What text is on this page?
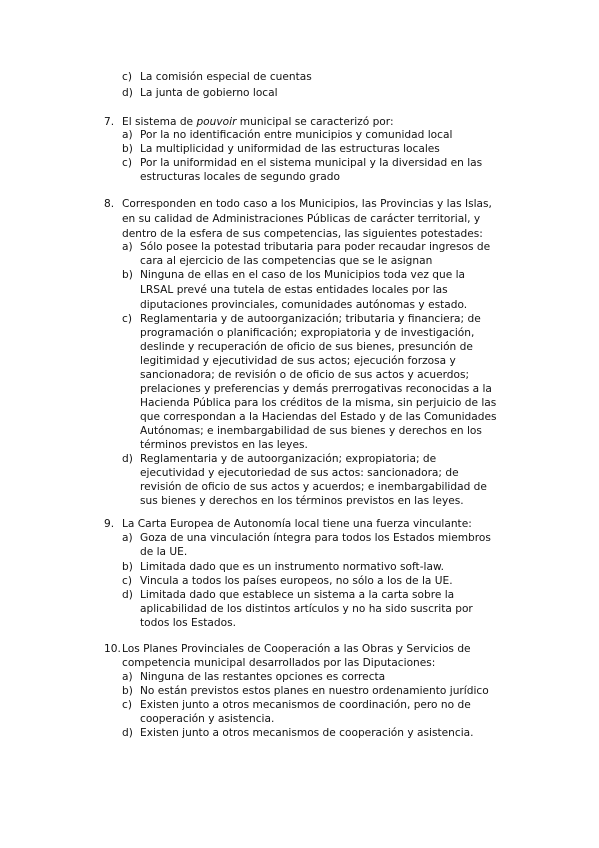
c) La comisión especial de cuentas
d) La junta de gobierno local
7. El sistema de pouvoir municipal se caracterizó por:
a) Por la no identificación entre municipios y comunidad local
b) La multiplicidad y uniformidad de las estructuras locales
c) Por la uniformidad en el sistema municipal y la diversidad en las
estructuras locales de segundo grado
8. Corresponden en todo caso a los Municipios, las Provincias y las Islas,
en su calidad de Administraciones Públicas de carácter territorial, y
dentro de la esfera de sus competencias, las siguientes potestades:
a) Sólo posee la potestad tributaria para poder recaudar ingresos de
cara al ejercicio de las competencias que se le asignan
b) Ninguna de ellas en el caso de los Municipios toda vez que la
LRSAL prevé una tutela de estas entidades locales por las
diputaciones provinciales, comunidades autónomas y estado.
c) Reglamentaria y de autoorganización; tributaria y financiera; de
programación o planificación; expropiatoria y de investigación,
deslinde y recuperación de oficio de sus bienes, presunción de
legitimidad y ejecutividad de sus actos; ejecución forzosa y
sancionadora; de revisión o de oficio de sus actos y acuerdos;
prelaciones y preferencias y demás prerrogativas reconocidas a la
Hacienda Pública para los créditos de la misma, sin perjuicio de las
que correspondan a la Haciendas del Estado y de las Comunidades
Autónomas; e inembargabilidad de sus bienes y derechos en los
términos previstos en las leyes.
d) Reglamentaria y de autoorganización; expropiatoria; de
ejecutividad y ejecutoriedad de sus actos: sancionadora; de
revisión de oficio de sus actos y acuerdos; e inembargabilidad de
sus bienes y derechos en los términos previstos en las leyes.
9. La Carta Europea de Autonomía local tiene una fuerza vinculante:
a) Goza de una vinculación íntegra para todos los Estados miembros
de la UE.
b) Limitada dado que es un instrumento normativo soft-law.
c) Vincula a todos los países europeos, no sólo a los de la UE.
d) Limitada dado que establece un sistema a la carta sobre la
aplicabilidad de los distintos artículos y no ha sido suscrita por
todos los Estados.
10. Los Planes Provinciales de Cooperación a las Obras y Servicios de
competencia municipal desarrollados por las Diputaciones:
a) Ninguna de las restantes opciones es correcta
b) No están previstos estos planes en nuestro ordenamiento jurídico
c) Existen junto a otros mecanismos de coordinación, pero no de
cooperación y asistencia.
d) Existen junto a otros mecanismos de cooperación y asistencia.
